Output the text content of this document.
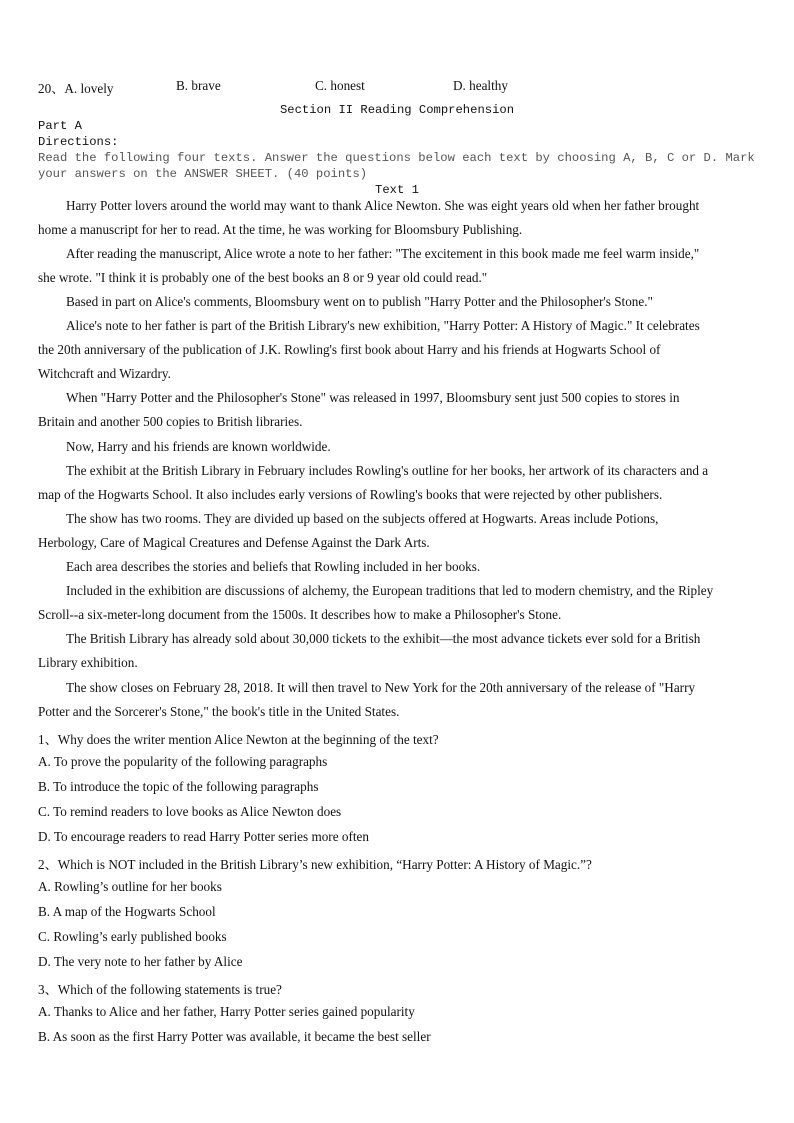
20、A. lovely	B. brave	C. honest	D. healthy
Section II Reading Comprehension
Part A
Directions:
Read the following four texts. Answer the questions below each text by choosing A, B, C or D. Mark
your answers on the ANSWER SHEET. (40 points)
Text 1
Harry Potter lovers around the world may want to thank Alice Newton. She was eight years old when her father brought
home a manuscript for her to read. At the time, he was working for Bloomsbury Publishing.
After reading the manuscript, Alice wrote a note to her father: "The excitement in this book made me feel warm inside,"
she wrote. "I think it is probably one of the best books an 8 or 9 year old could read."
Based in part on Alice's comments, Bloomsbury went on to publish "Harry Potter and the Philosopher's Stone."
Alice's note to her father is part of the British Library's new exhibition, "Harry Potter: A History of Magic." It celebrates
the 20th anniversary of the publication of J.K. Rowling's first book about Harry and his friends at Hogwarts School of
Witchcraft and Wizardry.
When "Harry Potter and the Philosopher's Stone" was released in 1997, Bloomsbury sent just 500 copies to stores in
Britain and another 500 copies to British libraries.
Now, Harry and his friends are known worldwide.
The exhibit at the British Library in February includes Rowling's outline for her books, her artwork of its characters and a
map of the Hogwarts School. It also includes early versions of Rowling's books that were rejected by other publishers.
The show has two rooms. They are divided up based on the subjects offered at Hogwarts. Areas include Potions,
Herbology, Care of Magical Creatures and Defense Against the Dark Arts.
Each area describes the stories and beliefs that Rowling included in her books.
Included in the exhibition are discussions of alchemy, the European traditions that led to modern chemistry, and the Ripley
Scroll--a six-meter-long document from the 1500s. It describes how to make a Philosopher's Stone.
The British Library has already sold about 30,000 tickets to the exhibit—the most advance tickets ever sold for a British
Library exhibition.
The show closes on February 28, 2018. It will then travel to New York for the 20th anniversary of the release of "Harry
Potter and the Sorcerer's Stone," the book's title in the United States.
1、Why does the writer mention Alice Newton at the beginning of the text?
A. To prove the popularity of the following paragraphs
B. To introduce the topic of the following paragraphs
C. To remind readers to love books as Alice Newton does
D. To encourage readers to read Harry Potter series more often
2、Which is NOT included in the British Library’s new exhibition, “Harry Potter: A History of Magic.”?
A. Rowling’s outline for her books
B. A map of the Hogwarts School
C. Rowling’s early published books
D. The very note to her father by Alice
3、Which of the following statements is true?
A. Thanks to Alice and her father, Harry Potter series gained popularity
B. As soon as the first Harry Potter was available, it became the best seller
